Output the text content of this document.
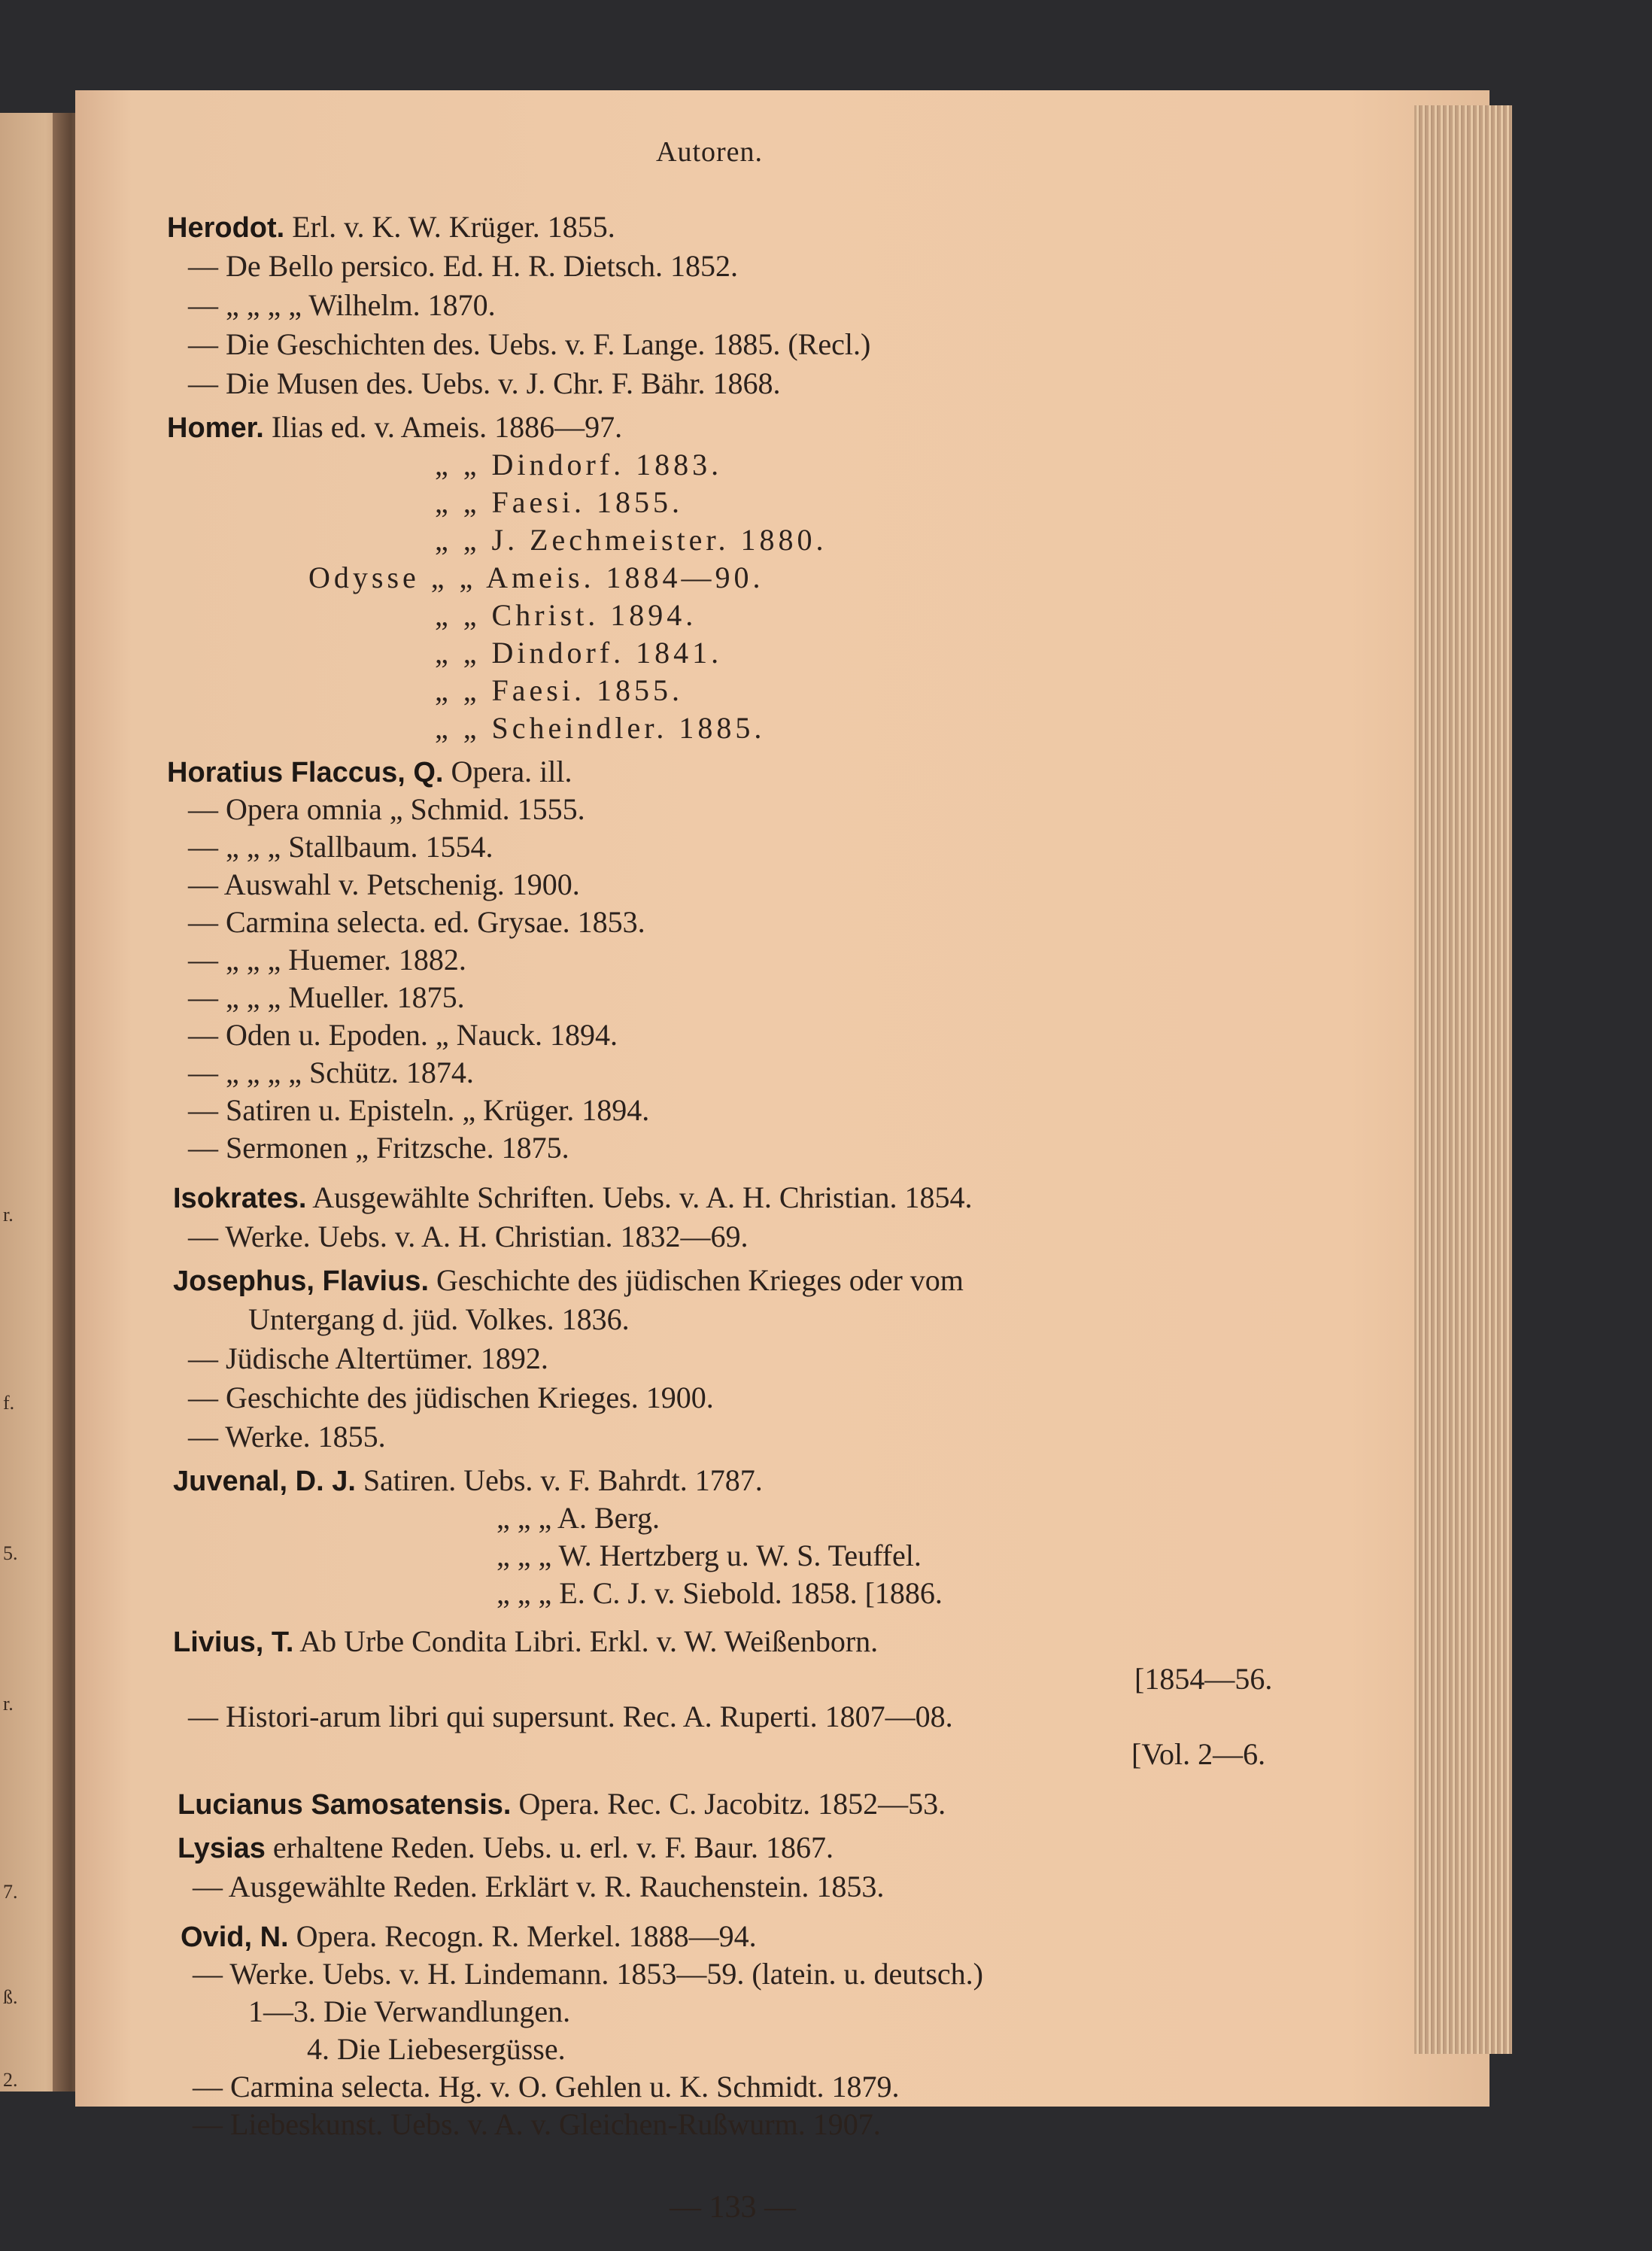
r.
f.
5.
r.
7.
ß.
2.
Autoren.
Herodot. Erl. v. K. W. Krüger. 1855.
— De Bello persico. Ed. H. R. Dietsch. 1852.
— „ „ „ „ Wilhelm. 1870.
— Die Geschichten des. Uebs. v. F. Lange. 1885. (Recl.)
— Die Musen des. Uebs. v. J. Chr. F. Bähr. 1868.
Homer. Ilias ed. v. Ameis. 1886—97.
„ „ Dindorf. 1883.
„ „ Faesi. 1855.
„ „ J. Zechmeister. 1880.
Odysse „ „ Ameis. 1884—90.
„ „ Christ. 1894.
„ „ Dindorf. 1841.
„ „ Faesi. 1855.
„ „ Scheindler. 1885.
Horatius Flaccus, Q. Opera. ill.
— Opera omnia „ Schmid. 1555.
— „ „ „ Stallbaum. 1554.
— Auswahl v. Petschenig. 1900.
— Carmina selecta. ed. Grysae. 1853.
— „ „ „ Huemer. 1882.
— „ „ „ Mueller. 1875.
— Oden u. Epoden. „ Nauck. 1894.
— „ „ „ „ Schütz. 1874.
— Satiren u. Episteln. „ Krüger. 1894.
— Sermonen „ Fritzsche. 1875.
Isokrates. Ausgewählte Schriften. Uebs. v. A. H. Christian. 1854.
— Werke. Uebs. v. A. H. Christian. 1832—69.
Josephus, Flavius. Geschichte des jüdischen Krieges oder vom
Untergang d. jüd. Volkes. 1836.
— Jüdische Altertümer. 1892.
— Geschichte des jüdischen Krieges. 1900.
— Werke. 1855.
Juvenal, D. J. Satiren. Uebs. v. F. Bahrdt. 1787.
„ „ „ A. Berg.
„ „ „ W. Hertzberg u. W. S. Teuffel.
„ „ „ E. C. J. v. Siebold. 1858. [1886.
Livius, T. Ab Urbe Condita Libri. Erkl. v. W. Weißenborn.
[1854—56.
— Histori-arum libri qui supersunt. Rec. A. Ruperti. 1807—08.
[Vol. 2—6.
Lucianus Samosatensis. Opera. Rec. C. Jacobitz. 1852—53.
Lysias erhaltene Reden. Uebs. u. erl. v. F. Baur. 1867.
— Ausgewählte Reden. Erklärt v. R. Rauchenstein. 1853.
Ovid, N. Opera. Recogn. R. Merkel. 1888—94.
— Werke. Uebs. v. H. Lindemann. 1853—59. (latein. u. deutsch.)
1—3. Die Verwandlungen.
4. Die Liebesergüsse.
— Carmina selecta. Hg. v. O. Gehlen u. K. Schmidt. 1879.
— Liebeskunst. Uebs. v. A. v. Gleichen-Rußwurm. 1907.
— 133 —
